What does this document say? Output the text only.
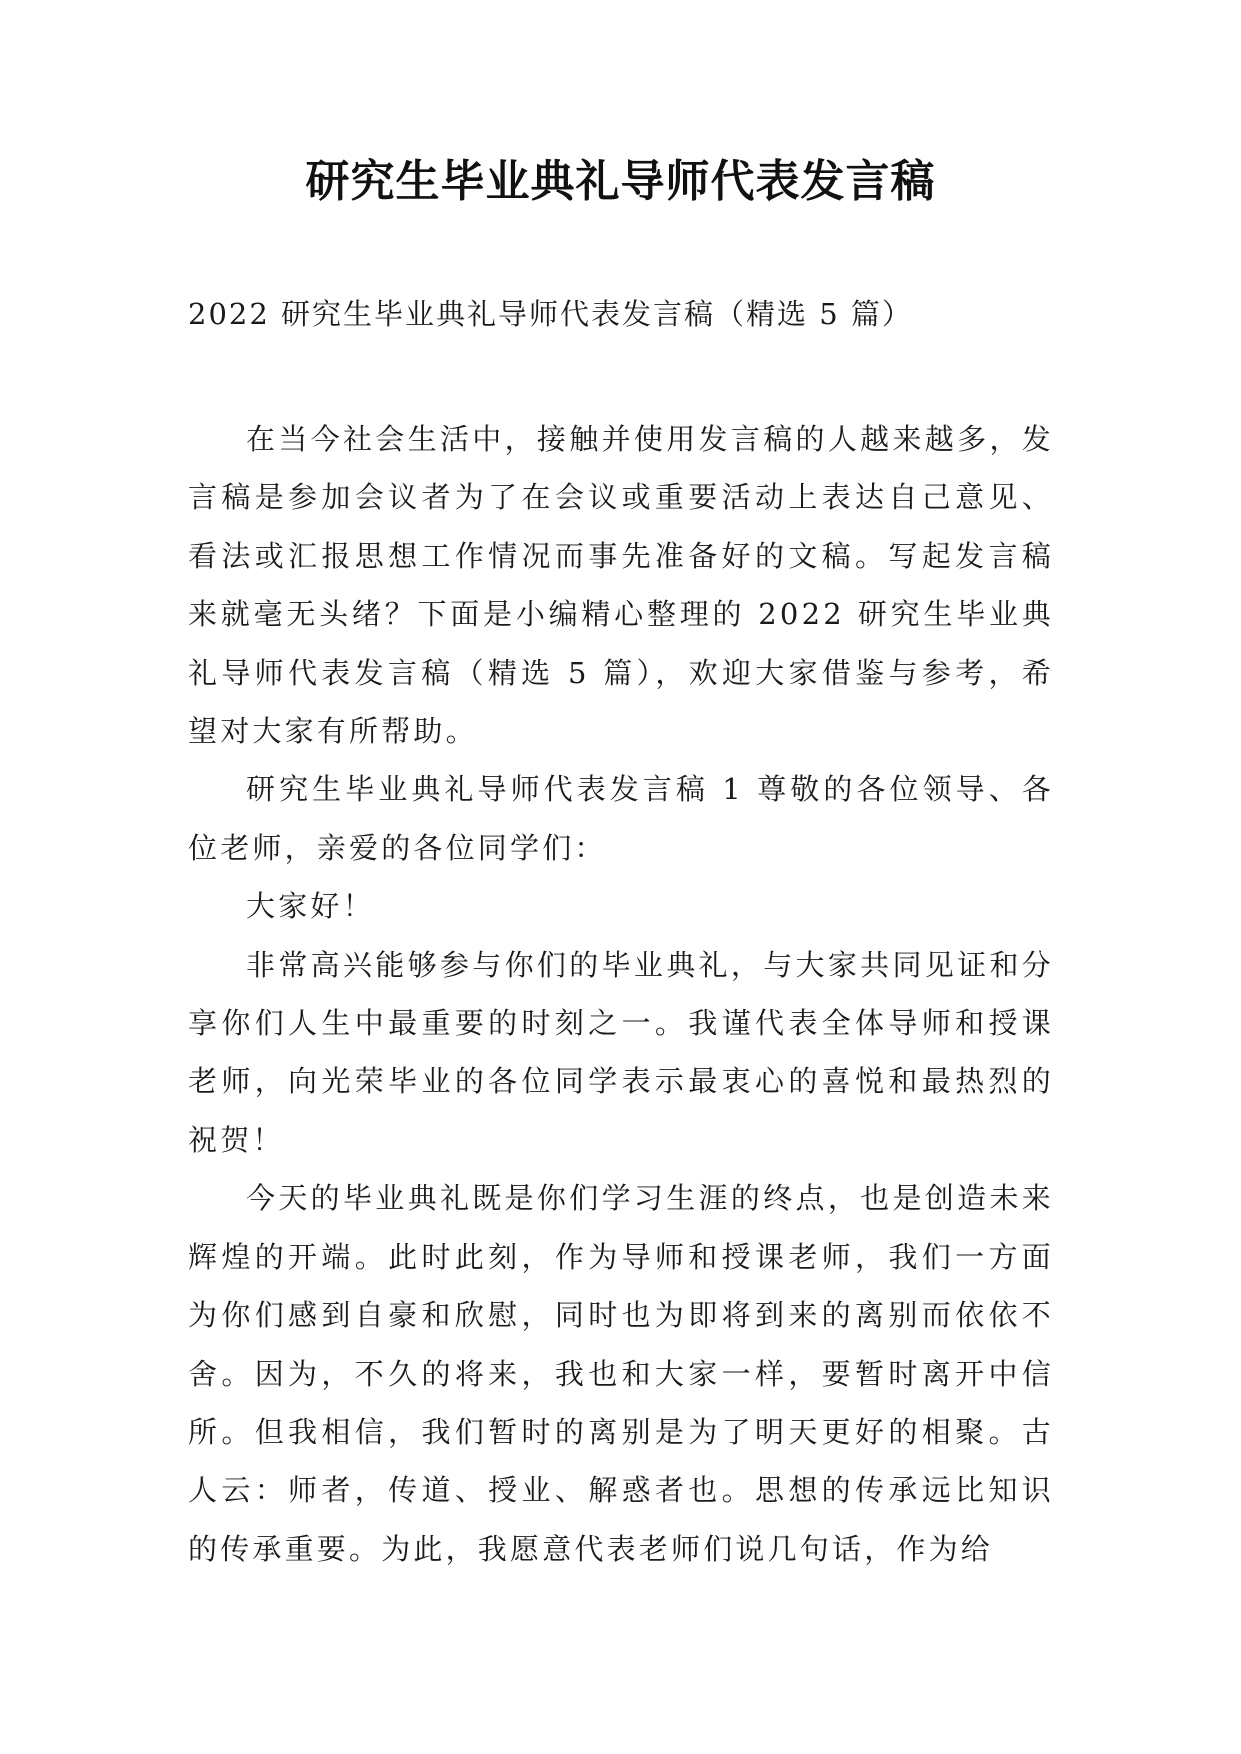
研究生毕业典礼导师代表发言稿
2022 研究生毕业典礼导师代表发言稿（精选 5 篇）

在当今社会生活中，接触并使用发言稿的人越来越多，发言稿是参加会议者为了在会议或重要活动上表达自己意见、看法或汇报思想工作情况而事先准备好的文稿。写起发言稿来就毫无头绪？下面是小编精心整理的 2022 研究生毕业典礼导师代表发言稿（精选 5 篇），欢迎大家借鉴与参考，希望对大家有所帮助。

研究生毕业典礼导师代表发言稿 1 尊敬的各位领导、各位老师，亲爱的各位同学们：

大家好！

非常高兴能够参与你们的毕业典礼，与大家共同见证和分享你们人生中最重要的时刻之一。我谨代表全体导师和授课老师，向光荣毕业的各位同学表示最衷心的喜悦和最热烈的祝贺！

今天的毕业典礼既是你们学习生涯的终点，也是创造未来辉煌的开端。此时此刻，作为导师和授课老师，我们一方面为你们感到自豪和欣慰，同时也为即将到来的离别而依依不舍。因为，不久的将来，我也和大家一样，要暂时离开中信所。但我相信，我们暂时的离别是为了明天更好的相聚。古人云：师者，传道、授业、解惑者也。思想的传承远比知识的传承重要。为此，我愿意代表老师们说几句话，作为给
